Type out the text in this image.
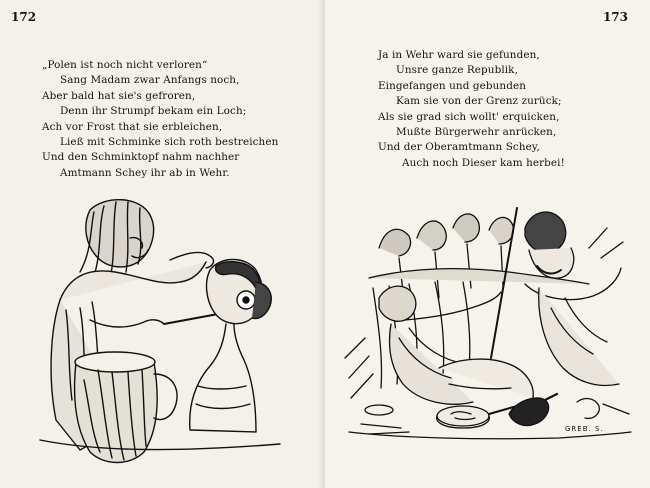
172
„Polen ist noch nicht verloren“
Sang Madam zwar Anfangs noch,
Aber bald hat sie's gefroren,
Denn ihr Strumpf bekam ein Loch;
Ach vor Frost that sie erbleichen,
Ließ mit Schminke sich roth bestreichen
Und den Schminktopf nahm nachher
Amtmann Schey ihr ab in Wehr.
173
Ja in Wehr ward sie gefunden,
Unsre ganze Republik,
Eingefangen und gebunden
Kam sie von der Grenz zurück;
Als sie grad sich wollt' erquicken,
Mußte Bürgerwehr anrücken,
Und der Oberamtmann Schey,
Auch noch Dieser kam herbei!
GREB. S.
